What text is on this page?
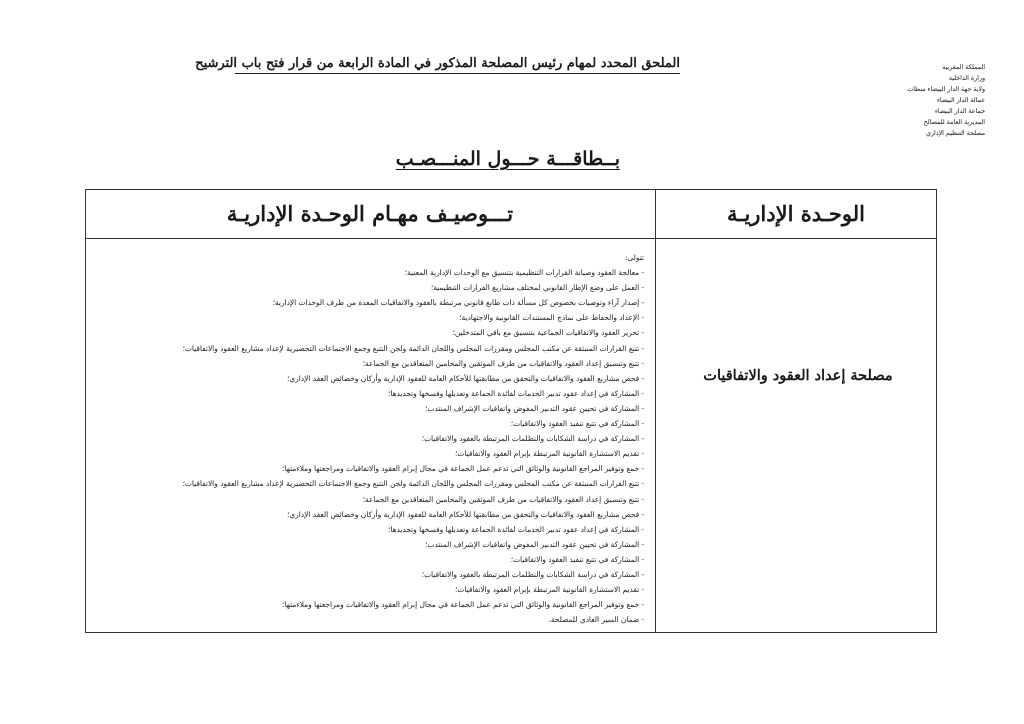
المملكة المغربية
وزارة الداخلية
ولاية جهة الدار البيضاء سطات
عمالة الدار البيضاء
جماعة الدار البيضاء
المديرية العامة للمصالح
مصلحة التنظيم الإداري
الملحق المحدد لمهام رئيس المصلحة المذكور في المادة الرابعة من قرار فتح باب الترشيح
بــطاقـــة حـــول المنـــصـب
الوحـدة الإداريـة
تـــوصيـف مهـام الوحـدة الإداريـة
مصلحة إعداد العقود والاتفاقيات
تتولى:
- معالجة العقود وصيانة القرارات التنظيمية بتنسيق مع الوحدات الإدارية المعنية؛
- العمل على وضع الإطار القانوني لمختلف مشاريع القرارات التنظيمية؛
- إصدار آراء وتوصيات بخصوص كل مسألة ذات طابع قانوني مرتبطة بالعقود والاتفاقيات المعدة من طرف الوحدات الإدارية؛
- الإعداد والحفاظ على نماذج المستندات القانونية والاجتهادية؛
- تحرير العقود والاتفاقيات الجماعية بتنسيق مع باقي المتدخلين؛
- تتبع القرارات المنبثقة عن مكتب المجلس ومقررات المجلس واللجان الدائمة ولجن التتبع وجمع الاجتماعات التحضيرية لإعداد مشاريع العقود والاتفاقيات؛
- تتبع وتنسيق إعداد العقود والاتفاقيات من طرف الموثقين والمحامين المتعاقدين مع الجماعة؛
- فحص مشاريع العقود والاتفاقيات والتحقق من مطابقتها للأحكام العامة للعقود الإدارية وأركان وخصائص العقد الإداري؛
- المشاركة في إعداد عقود تدبير الخدمات لفائدة الجماعة وتعديلها وفسخها وتجديدها؛
- المشاركة في تحيين عقود التدبير المفوض واتفاقيات الإشراف المنتدب؛
- المشاركة في تتبع تنفيذ العقود والاتفاقيات؛
- المشاركة في دراسة الشكايات والتظلمات المرتبطة بالعقود والاتفاقيات؛
- تقديم الاستشارة القانونية المرتبطة بإبرام العقود والاتفاقيات؛
- جمع وتوفير المراجع القانونية والوثائق التي تدعم عمل الجماعة في مجال إبرام العقود والاتفاقيات ومراجعتها وملاءمتها؛
- تتبع القرارات المنبثقة عن مكتب المجلس ومقررات المجلس واللجان الدائمة ولجن التتبع وجمع الاجتماعات التحضيرية لإعداد مشاريع العقود والاتفاقيات؛
- تتبع وتنسيق إعداد العقود والاتفاقيات من طرف الموثقين والمحامين المتعاقدين مع الجماعة؛
- فحص مشاريع العقود والاتفاقيات والتحقق من مطابقتها للأحكام العامة للعقود الإدارية وأركان وخصائص العقد الإداري؛
- المشاركة في إعداد عقود تدبير الخدمات لفائدة الجماعة وتعديلها وفسخها وتجديدها؛
- المشاركة في تحيين عقود التدبير المفوض واتفاقيات الإشراف المنتدب؛
- المشاركة في تتبع تنفيذ العقود والاتفاقيات؛
- المشاركة في دراسة الشكايات والتظلمات المرتبطة بالعقود والاتفاقيات؛
- تقديم الاستشارة القانونية المرتبطة بإبرام العقود والاتفاقيات؛
- جمع وتوفير المراجع القانونية والوثائق التي تدعم عمل الجماعة في مجال إبرام العقود والاتفاقيات ومراجعتها وملاءمتها؛
- ضمان السير العادي للمصلحة.
